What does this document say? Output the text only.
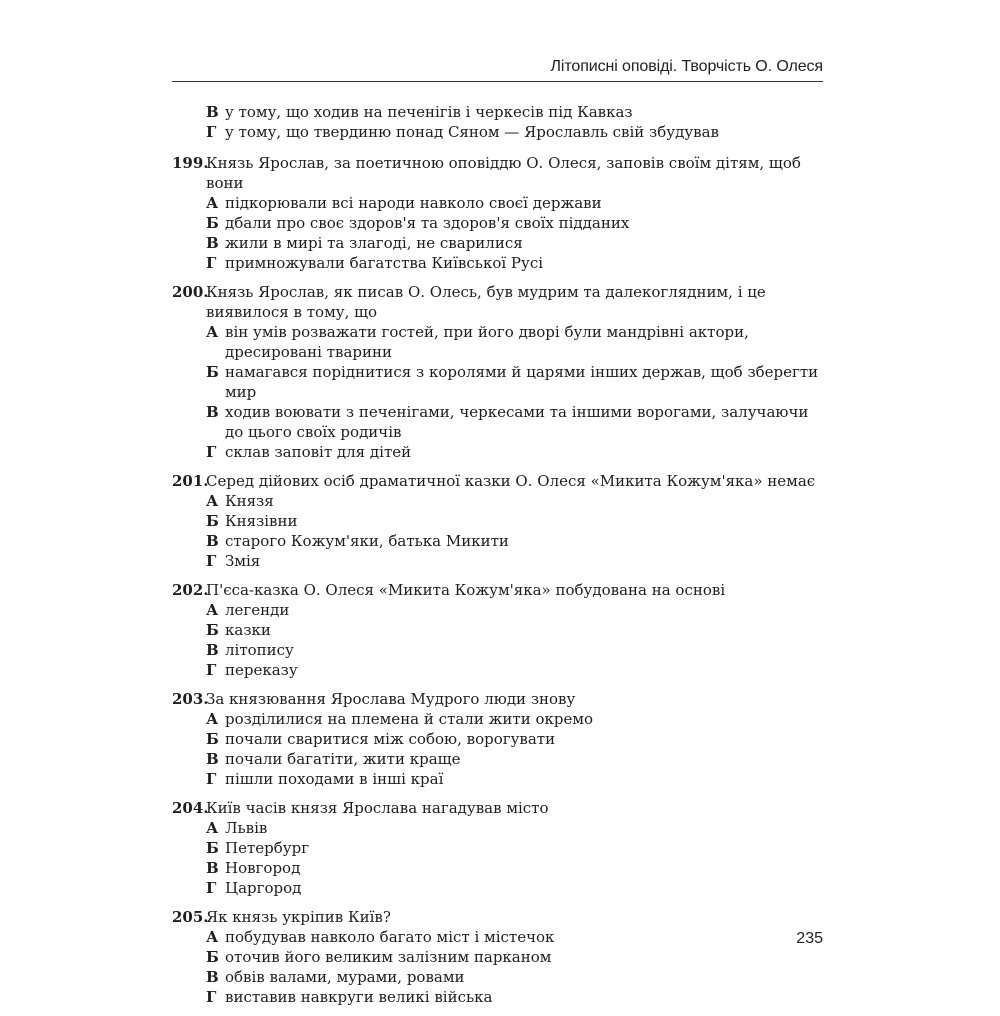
Літописні оповіді. Творчість О. Олеся
В у тому, що ходив на печенігів і черкесів під Кавказ
Г у тому, що твердиню понад Сяном — Ярославль свій збудував
199.
Князь Ярослав, за поетичною оповіддю О. Олеся, заповів своїм дітям, щоб вони
А підкорювали всі народи навколо своєї держави
Б дбали про своє здоров'я та здоров'я своїх підданих
В жили в мирі та злагоді, не сварилися
Г примножували багатства Київської Русі
200.
Князь Ярослав, як писав О. Олесь, був мудрим та далекоглядним, і це виявилося в тому, що
А він умів розважати гостей, при його дворі були мандрівні актори, дресировані тварини
Б намагався поріднитися з королями й царями інших держав, щоб зберегти мир
В ходив воювати з печенігами, черкесами та іншими ворогами, залучаючи до цього своїх родичів
Г склав заповіт для дітей
201.
Серед дійових осіб драматичної казки О. Олеся «Микита Кожум'яка» немає
А Князя
Б Князівни
В старого Кожум'яки, батька Микити
Г Змія
202.
П'єса-казка О. Олеся «Микита Кожум'яка» побудована на основі
А легенди
Б казки
В літопису
Г переказу
203.
За князювання Ярослава Мудрого люди знову
А розділилися на племена й стали жити окремо
Б почали сваритися між собою, ворогувати
В почали багатіти, жити краще
Г пішли походами в інші краї
204.
Київ часів князя Ярослава нагадував місто
А Львів
Б Петербург
В Новгород
Г Царгород
205.
Як князь укріпив Київ?
А побудував навколо багато міст і містечок
Б оточив його великим залізним парканом
В обвів валами, мурами, ровами
Г виставив навкруги великі військa
235
